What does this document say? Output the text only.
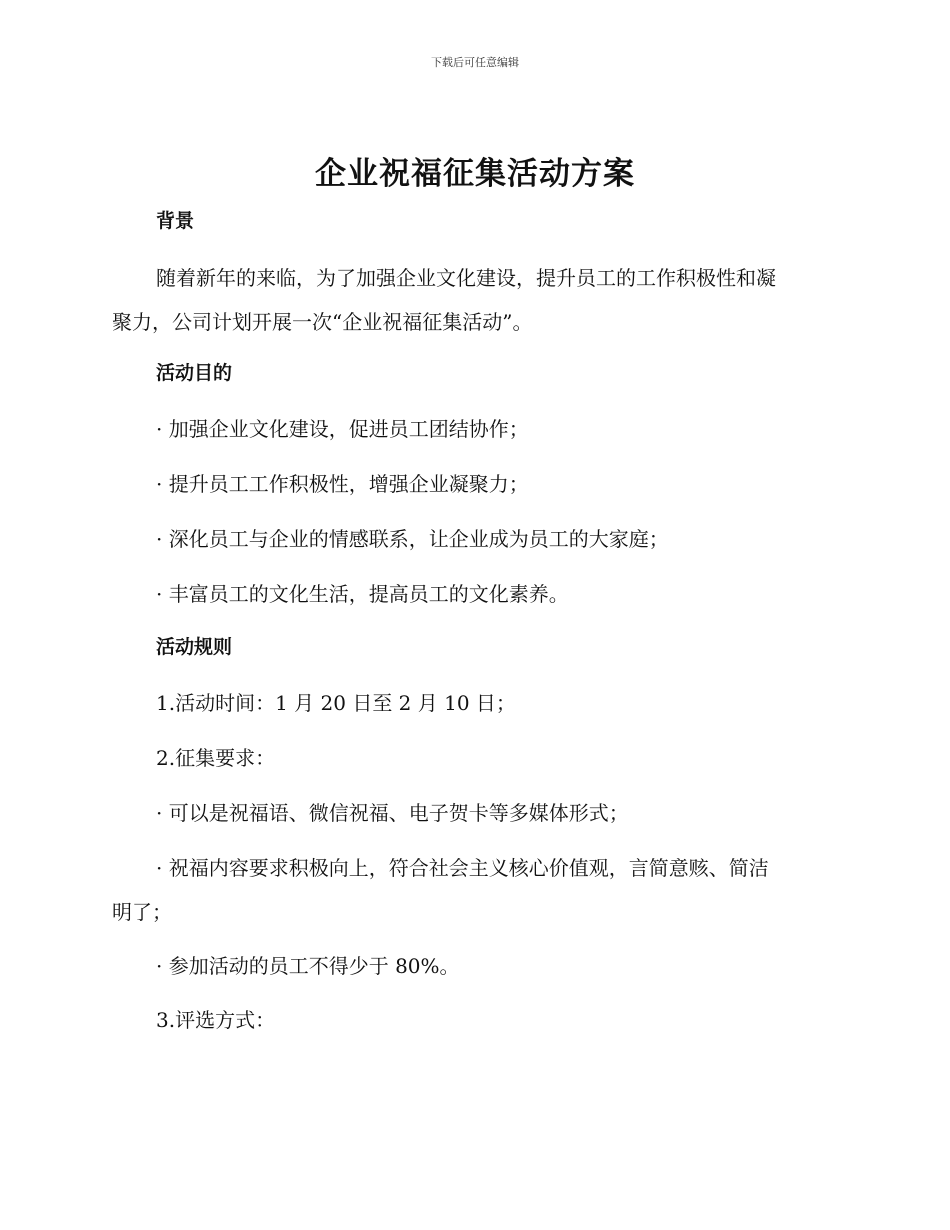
下载后可任意编辑
企业祝福征集活动方案
背景
随着新年的来临，为了加强企业文化建设，提升员工的工作积极性和凝
聚力，公司计划开展一次“企业祝福征集活动”。
活动目的
· 加强企业文化建设，促进员工团结协作；
· 提升员工工作积极性，增强企业凝聚力；
· 深化员工与企业的情感联系，让企业成为员工的大家庭；
· 丰富员工的文化生活，提高员工的文化素养。
活动规则
1.活动时间：1 月 20 日至 2 月 10 日；
2.征集要求：
· 可以是祝福语、微信祝福、电子贺卡等多媒体形式；
· 祝福内容要求积极向上，符合社会主义核心价值观，言简意赅、简洁
明了；
· 参加活动的员工不得少于 80%。
3.评选方式：
